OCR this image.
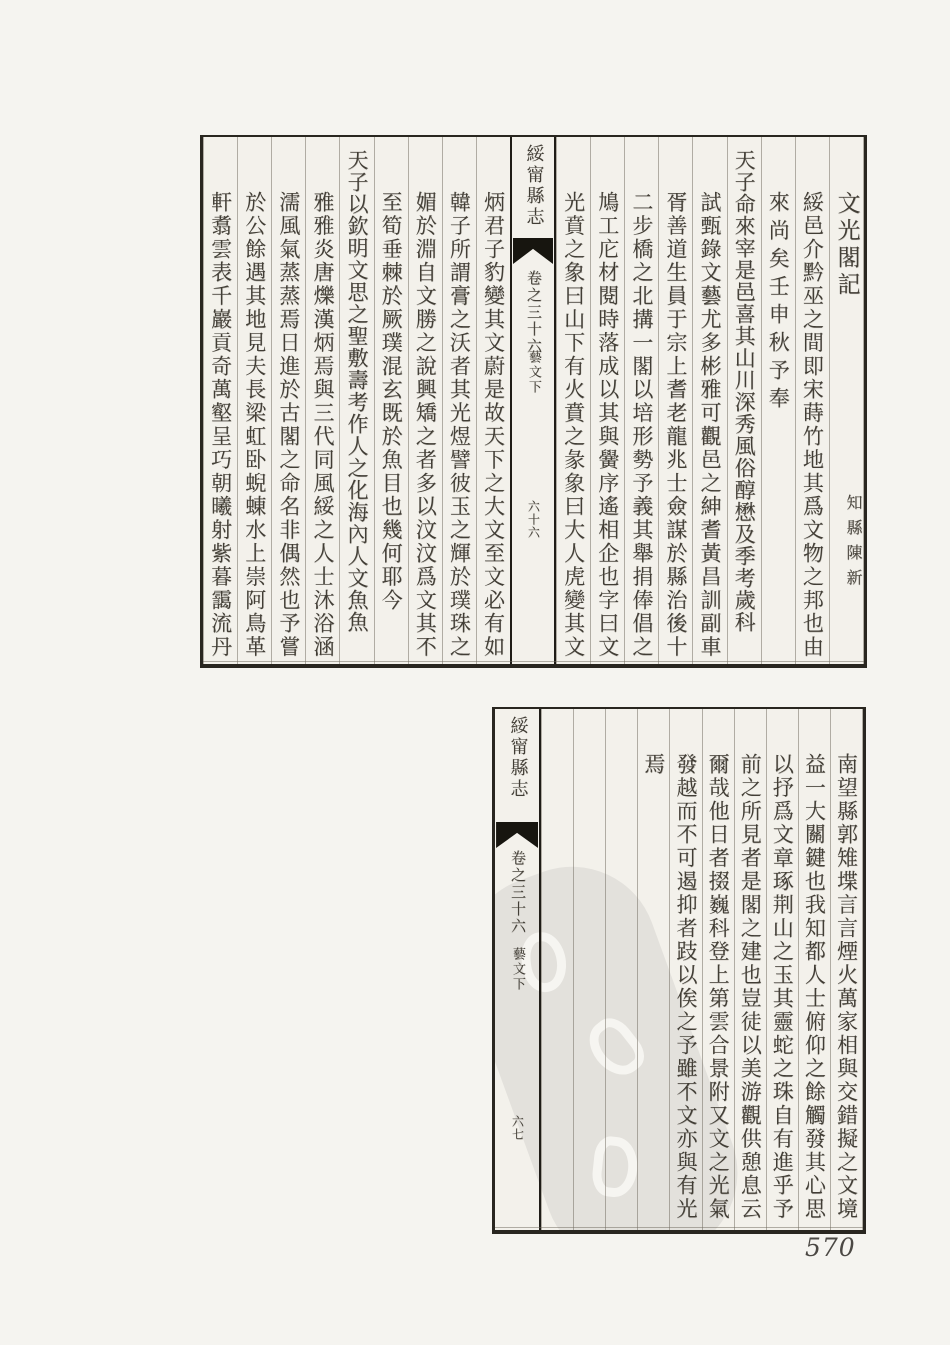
文光閣記
知縣陳新
綏邑介黔巫之間即宋蒔竹地其爲文物之邦也由
來尚矣壬申秋予奉
天子命來宰是邑喜其山川深秀風俗醇懋及季考歲科
試甄錄文藝尤多彬雅可觀邑之紳耆黃昌訓副車
胥善道生員于宗上耆老龍兆士僉謀於縣治後十
二步橋之北搆一閣以培形勢予義其舉捐俸倡之
鳩工庀材閱時落成以其與黌序遙相企也字曰文
光賁之象曰山下有火賁之彖象曰大人虎變其文
綏甯縣志
卷之三十六
藝文下
六十六
炳君子豹變其文蔚是故天下之大文至文必有如
韓子所謂膏之沃者其光煜譬彼玉之輝於璞珠之
媚於淵自文勝之說興矯之者多以汶汶爲文其不
至筍垂棘於厥璞混玄既於魚目也幾何耶今
天子以欽明文思之聖敷壽考作人之化海內人文魚魚
雅雅炎唐爍漢炳焉與三代同風綏之人士沐浴涵
濡風氣蒸蒸焉日進於古閣之命名非偶然也予嘗
於公餘遇其地見夫長梁虹卧蜺蝀水上崇阿鳥革
軒翥雲表千巖貢奇萬壑呈巧朝曦射紫暮靄流丹
南望縣郭雉堞言言煙火萬家相與交錯擬之文境
益一大關鍵也我知都人士俯仰之餘觸發其心思
以抒爲文章琢荆山之玉其靈蛇之珠自有進乎予
前之所見者是閣之建也豈徒以美游觀供憩息云
爾哉他日者掇巍科登上第雲合景附又文之光氣
發越而不可遏抑者跂以俟之予雖不文亦與有光
焉
綏甯縣志
卷之三十六
藝文下
六七
570
